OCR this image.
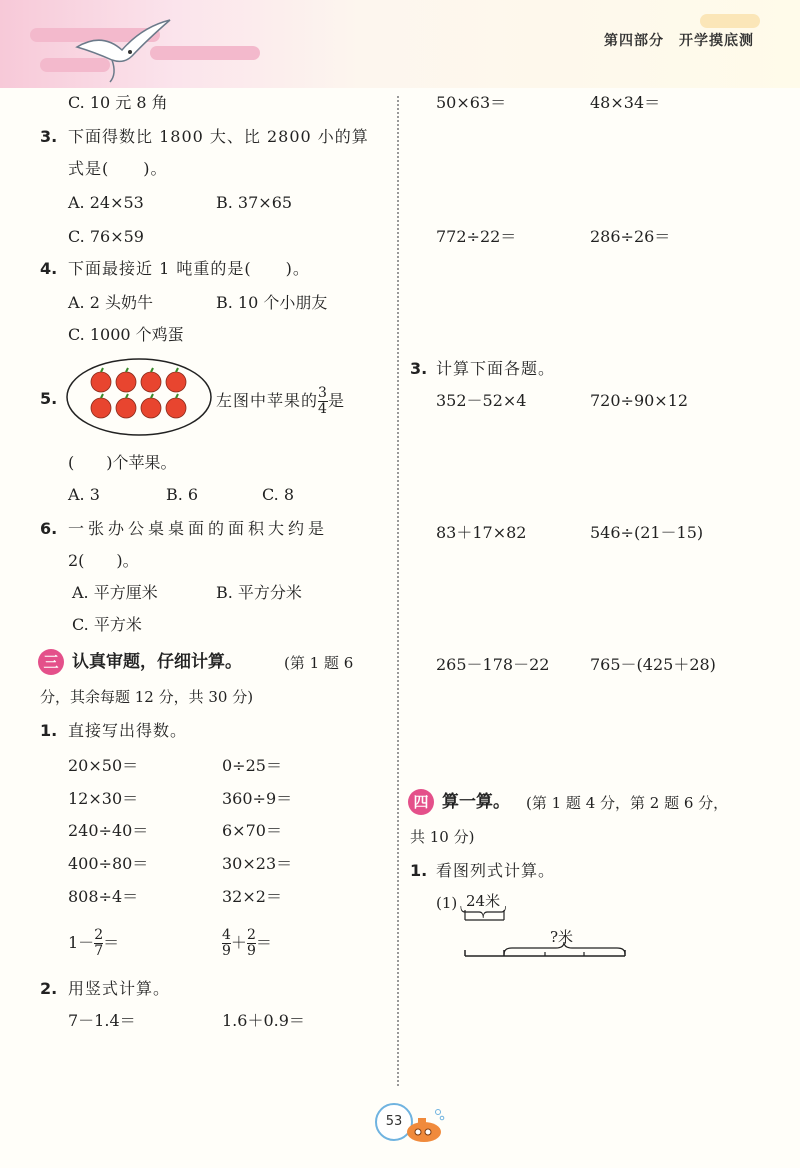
第四部分　开学摸底测
C. 10 元 8 角
3. 下面得数比 1800 大、比 2800 小的算
式是(　　)。
A. 24×53	B. 37×65
C. 76×59
4. 下面最接近 1 吨重的是(　　)。
A. 2 头奶牛	B. 10 个小朋友
C. 1000 个鸡蛋
5.	左图中苹果的 $\frac{3}{4}$ 是
(　　)个苹果。
A. 3	B. 6	C. 8
6. 一张办公桌桌面的面积大约是
2(　　)。
A. 平方厘米	B. 平方分米
C. 平方米
三 认真审题，仔细计算。	(第 1 题 6
分，其余每题 12 分，共 30 分)
1. 直接写出得数。
20×50＝	0÷25＝
12×30＝	360÷9＝
240÷40＝	6×70＝
400÷80＝	30×23＝
808÷4＝	32×2＝
$1- \frac{2}{7}$ ＝	$\frac{4}{9} + \frac{2}{9}$ ＝
2. 用竖式计算。
7－1.4＝	1.6＋0.9＝
50×63＝	48×34＝
772÷22＝	286÷26＝
3. 计算下面各题。
352－52×4	720÷90×12
83＋17×82	546÷(21－15)
265－178－22	765－(425＋28)
四 算一算。 (第 1 题 4 分，第 2 题 6 分，
共 10 分)
1. 看图列式计算。
(1) 24米
?米
53
